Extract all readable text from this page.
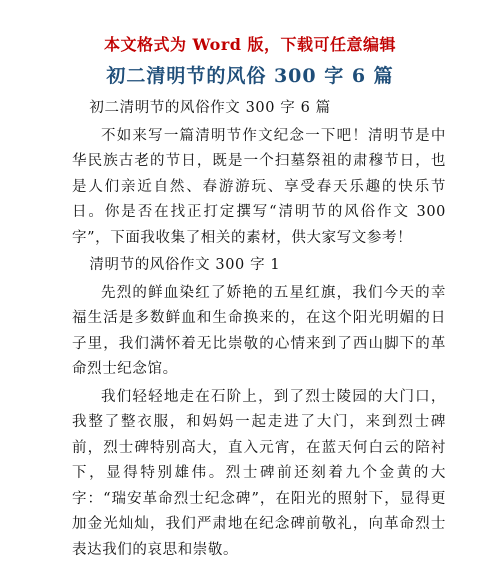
本文格式为 Word 版，下载可任意编辑
初二清明节的风俗 300 字 6 篇

初二清明节的风俗作文 300 字 6 篇

不如来写一篇清明节作文纪念一下吧！清明节是中华民族古老的节日，既是一个扫墓祭祖的肃穆节日，也是人们亲近自然、春游游玩、享受春天乐趣的快乐节日。你是否在找正打定撰写“清明节的风俗作文 300 字”，下面我收集了相关的素材，供大家写文参考！

清明节的风俗作文 300 字 1

先烈的鲜血染红了娇艳的五星红旗，我们今天的幸福生活是多数鲜血和生命换来的，在这个阳光明媚的日子里，我们满怀着无比崇敬的心情来到了西山脚下的革命烈士纪念馆。

我们轻轻地走在石阶上，到了烈士陵园的大门口，我整了整衣服，和妈妈一起走进了大门，来到烈士碑前，烈士碑特别高大，直入元宵，在蓝天何白云的陪衬下，显得特别雄伟。烈士碑前还刻着九个金黄的大字：“瑞安革命烈士纪念碑”，在阳光的照射下，显得更加金光灿灿，我们严肃地在纪念碑前敬礼，向革命烈士表达我们的哀思和崇敬。
